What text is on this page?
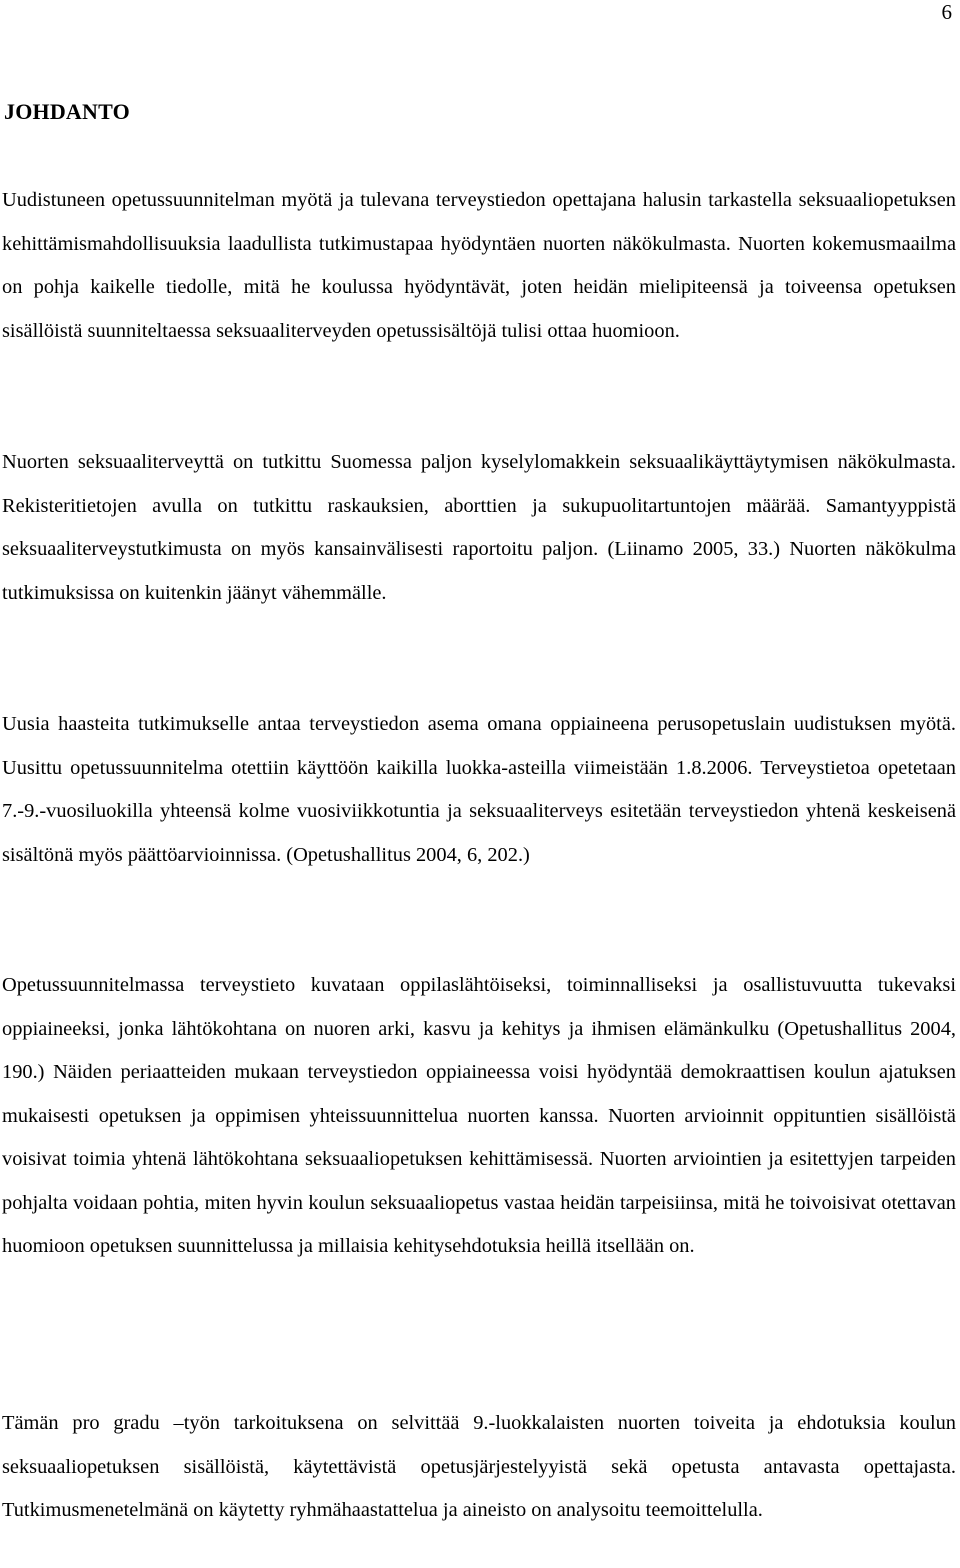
6
JOHDANTO

Uudistuneen opetussuunnitelman myötä ja tulevana terveystiedon opettajana halusin tarkastella seksuaaliopetuksen kehittämismahdollisuuksia laadullista tutkimustapaa hyödyntäen nuorten näkökulmasta. Nuorten kokemusmaailma on pohja kaikelle tiedolle, mitä he koulussa hyödyntävät, joten heidän mielipiteensä ja toiveensa opetuksen sisällöistä suunniteltaessa seksuaaliterveyden opetussisältöjä tulisi ottaa huomioon.

Nuorten seksuaaliterveyttä on tutkittu Suomessa paljon kyselylomakkein seksuaalikäyttäytymisen näkökulmasta. Rekisteritietojen avulla on tutkittu raskauksien, aborttien ja sukupuolitartuntojen määrää. Samantyyppistä seksuaaliterveystutkimusta on myös kansainvälisesti raportoitu paljon. (Liinamo 2005, 33.) Nuorten näkökulma tutkimuksissa on kuitenkin jäänyt vähemmälle.

Uusia haasteita tutkimukselle antaa terveystiedon asema omana oppiaineena perusopetuslain uudistuksen myötä. Uusittu opetussuunnitelma otettiin käyttöön kaikilla luokka-asteilla viimeistään 1.8.2006. Terveystietoa opetetaan 7.-9.-vuosiluokilla yhteensä kolme vuosiviikkotuntia ja seksuaaliterveys esitetään terveystiedon yhtenä keskeisenä sisältönä myös päättöarvioinnissa. (Opetushallitus 2004, 6, 202.)

Opetussuunnitelmassa terveystieto kuvataan oppilaslähtöiseksi, toiminnalliseksi ja osallistuvuutta tukevaksi oppiaineeksi, jonka lähtökohtana on nuoren arki, kasvu ja kehitys ja ihmisen elämänkulku (Opetushallitus 2004, 190.) Näiden periaatteiden mukaan terveystiedon oppiaineessa voisi hyödyntää demokraattisen koulun ajatuksen mukaisesti opetuksen ja oppimisen yhteissuunnittelua nuorten kanssa. Nuorten arvioinnit oppituntien sisällöistä voisivat toimia yhtenä lähtökohtana seksuaaliopetuksen kehittämisessä. Nuorten arviointien ja esitettyjen tarpeiden pohjalta voidaan pohtia, miten hyvin koulun seksuaaliopetus vastaa heidän tarpeisiinsa, mitä he toivoisivat otettavan huomioon opetuksen suunnittelussa ja millaisia kehitysehdotuksia heillä itsellään on.

Tämän pro gradu –työn tarkoituksena on selvittää 9.-luokkalaisten nuorten toiveita ja ehdotuksia koulun seksuaaliopetuksen sisällöistä, käytettävistä opetusjärjestelyyistä sekä opetusta antavasta opettajasta. Tutkimusmenetelmänä on käytetty ryhmähaastattelua ja aineisto on analysoitu teemoittelulla.
